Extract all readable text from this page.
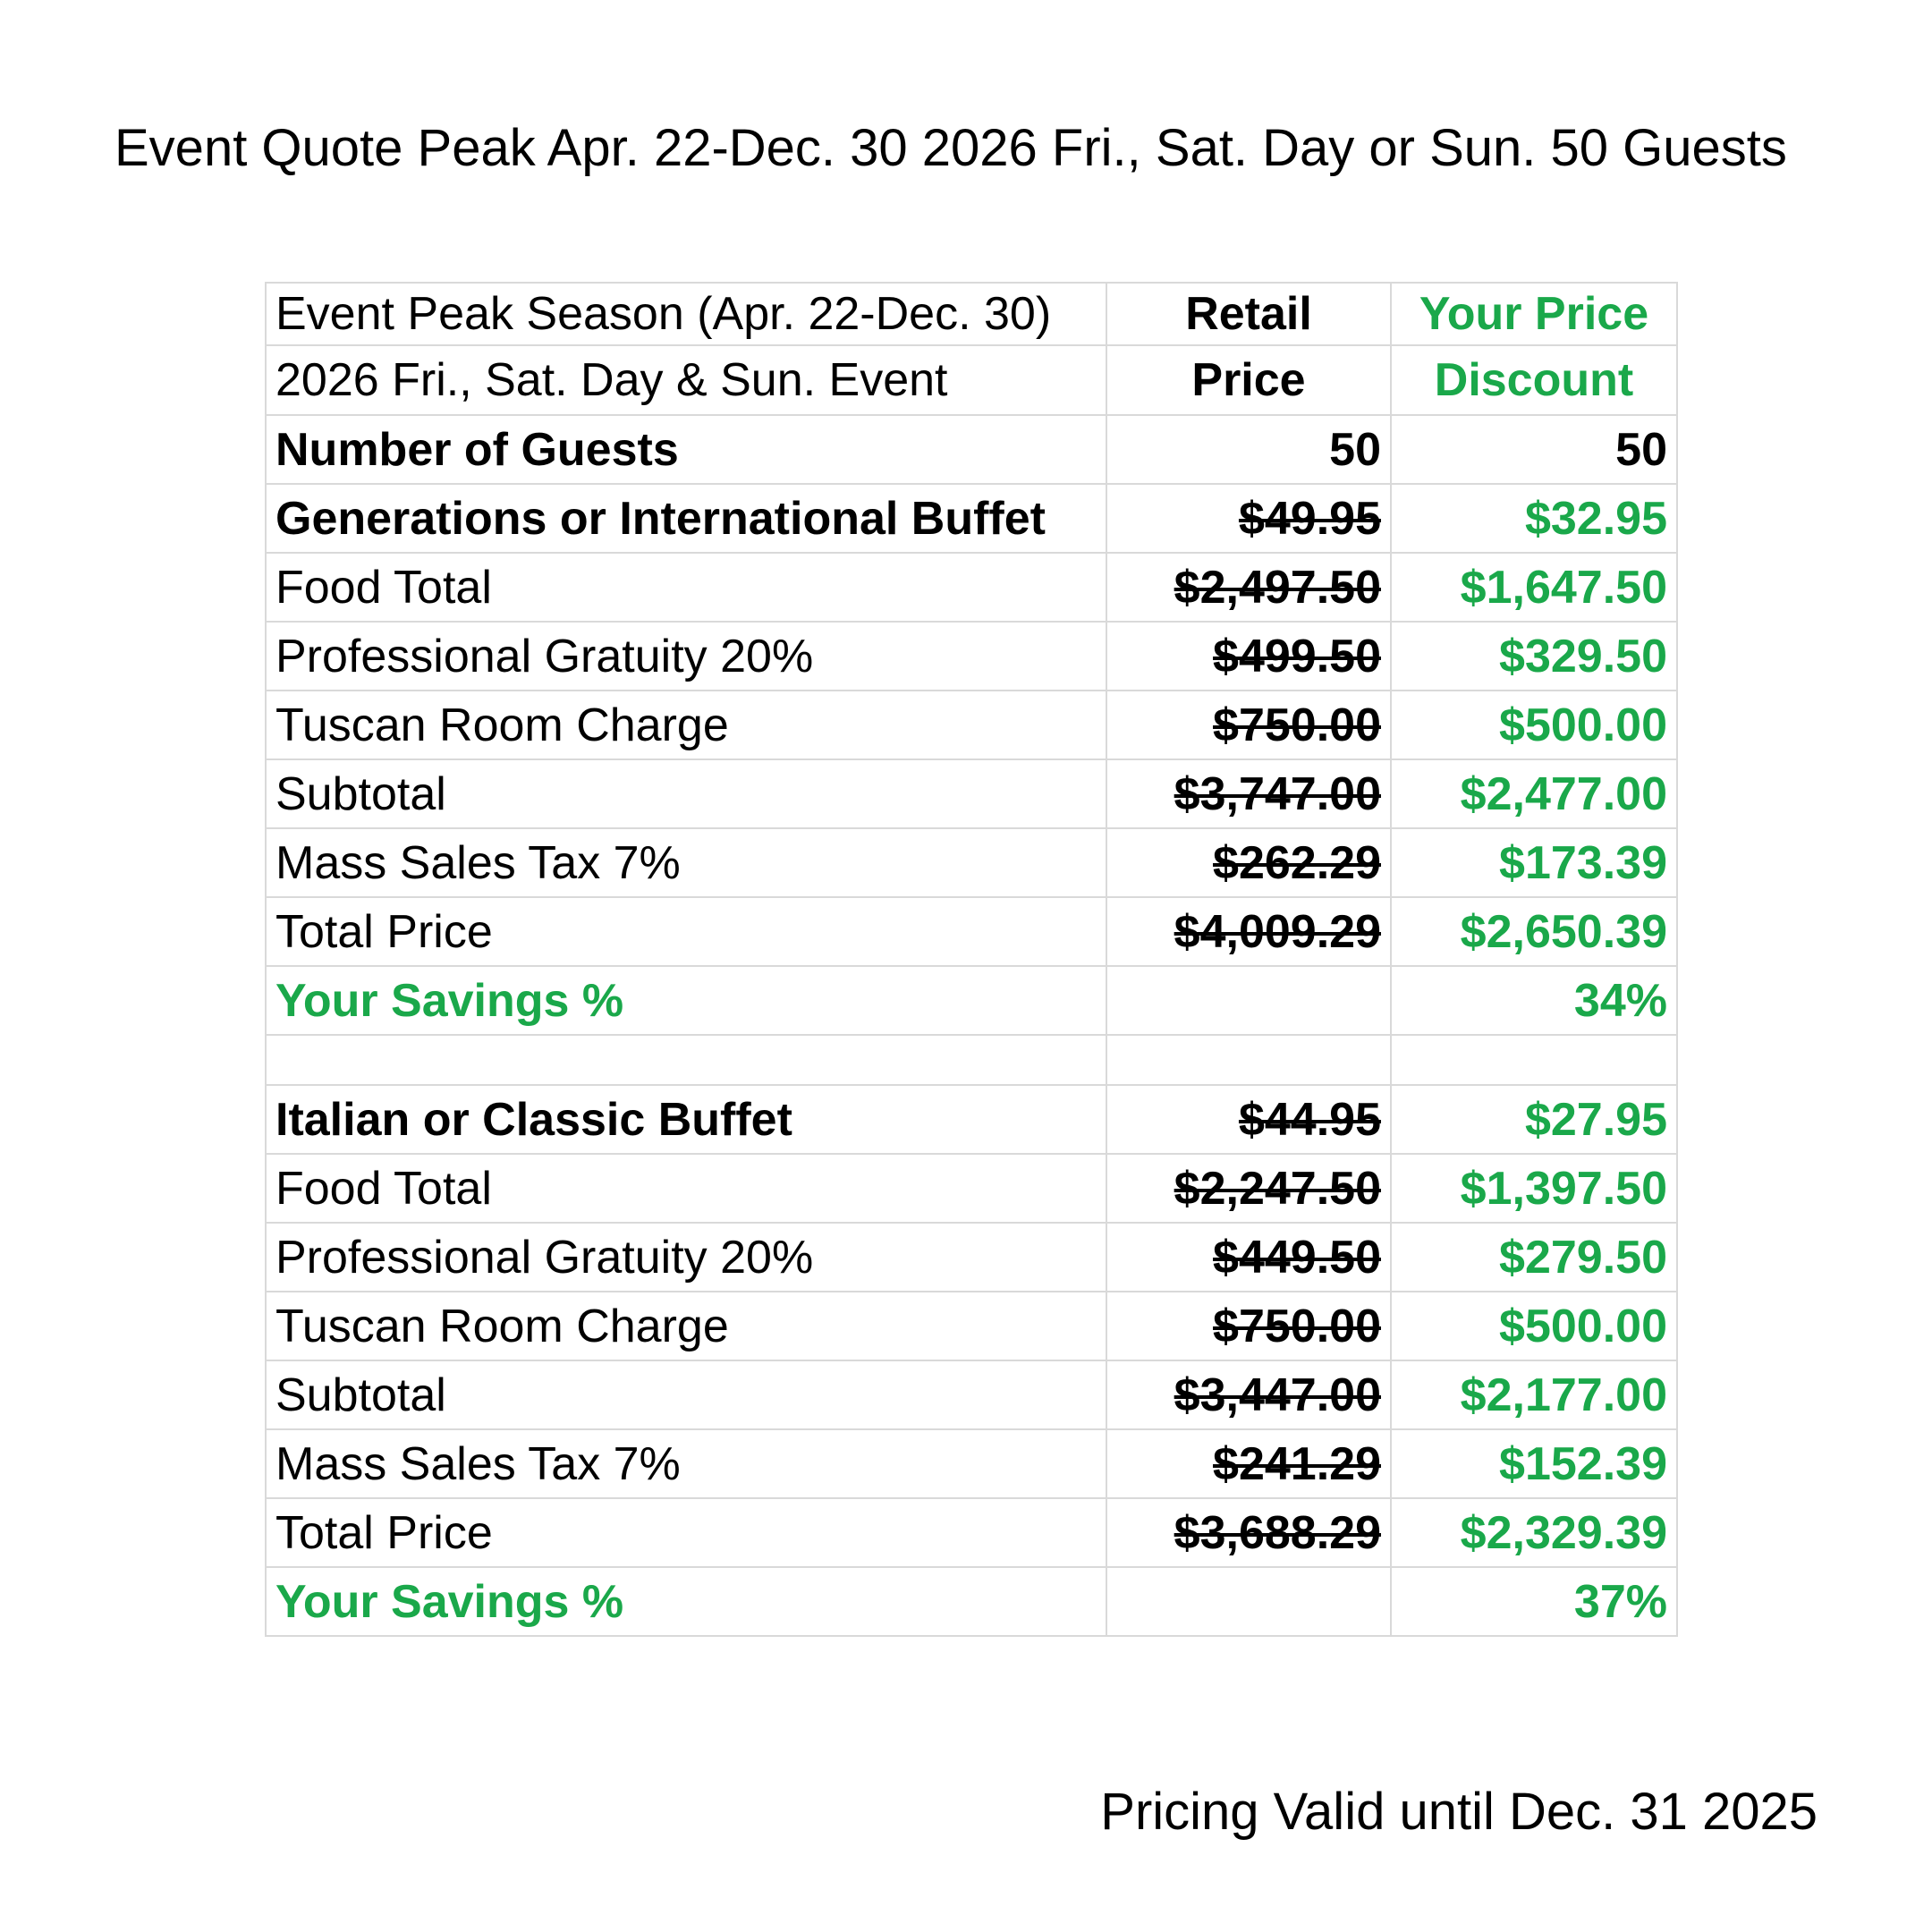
Event Quote Peak Apr. 22-Dec. 30 2026 Fri., Sat. Day or Sun. 50 Guests
Event Peak Season (Apr. 22-Dec. 30)	Retail	Your Price
2026 Fri., Sat. Day & Sun. Event	Price	Discount
Number of Guests	50	50
Generations or International Buffet	$49.95	$32.95
Food Total	$2,497.50	$1,647.50
Professional Gratuity 20%	$499.50	$329.50
Tuscan Room Charge	$750.00	$500.00
Subtotal	$3,747.00	$2,477.00
Mass Sales Tax 7%	$262.29	$173.39
Total Price	$4,009.29	$2,650.39
Your Savings %		34%

Italian or Classic Buffet	$44.95	$27.95
Food Total	$2,247.50	$1,397.50
Professional Gratuity 20%	$449.50	$279.50
Tuscan Room Charge	$750.00	$500.00
Subtotal	$3,447.00	$2,177.00
Mass Sales Tax 7%	$241.29	$152.39
Total Price	$3,688.29	$2,329.39
Your Savings %		37%
Pricing Valid until Dec. 31 2025
